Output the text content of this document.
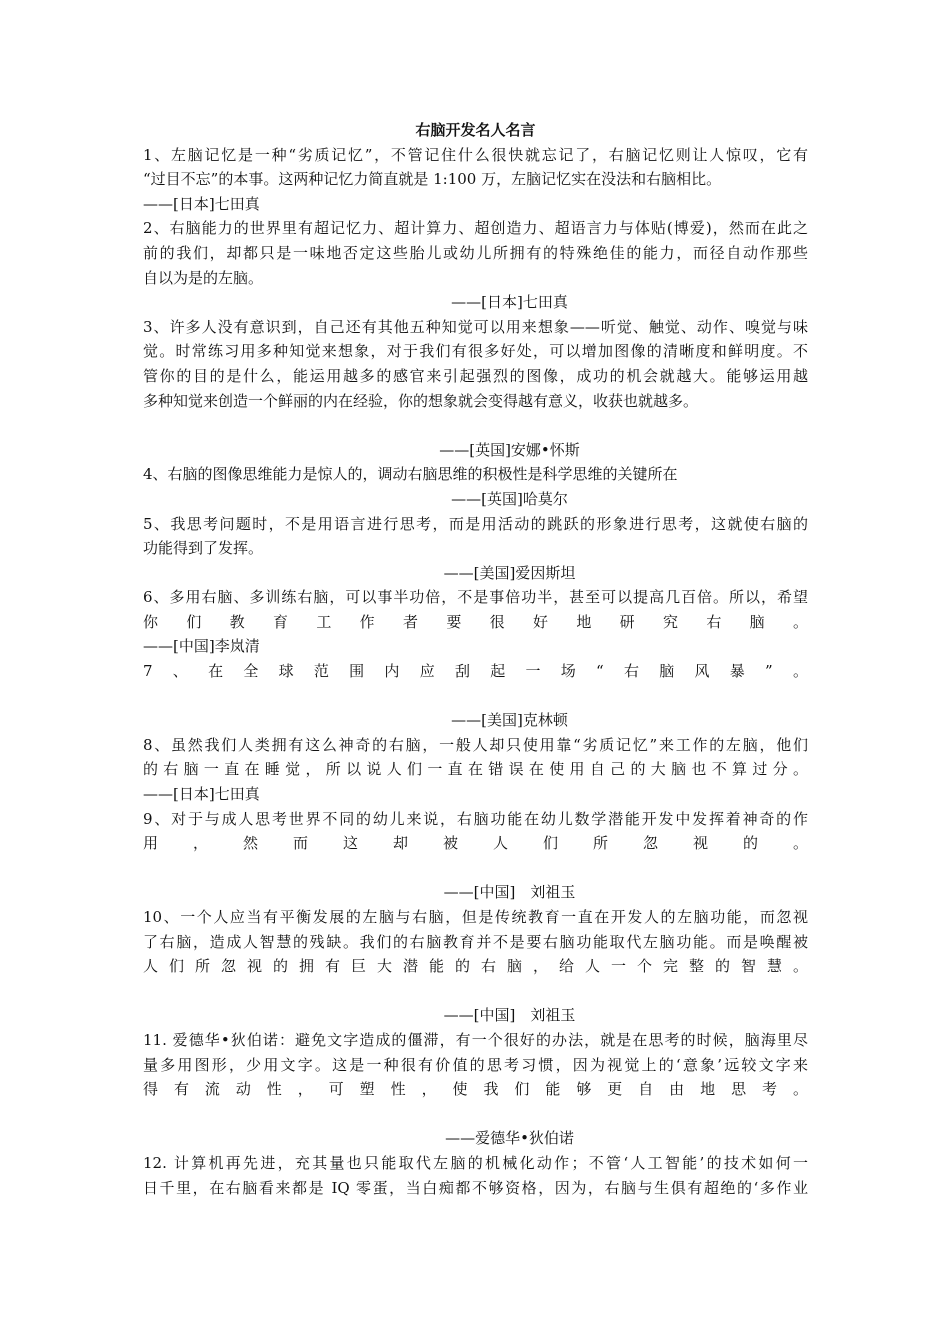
右脑开发名人名言
1、左脑记忆是一种“劣质记忆”，不管记住什么很快就忘记了，右脑记忆则让人惊叹，它有
“过目不忘”的本事。这两种记忆力简直就是 1:100 万，左脑记忆实在没法和右脑相比。
——[日本]七田真
2、右脑能力的世界里有超记忆力、超计算力、超创造力、超语言力与体贴(博爱)，然而在此之
前的我们，却都只是一味地否定这些胎儿或幼儿所拥有的特殊绝佳的能力，而径自动作那些
自以为是的左脑。
——[日本]七田真
3、许多人没有意识到，自己还有其他五种知觉可以用来想象——听觉、触觉、动作、嗅觉与味
觉。时常练习用多种知觉来想象，对于我们有很多好处，可以增加图像的清晰度和鲜明度。不
管你的目的是什么，能运用越多的感官来引起强烈的图像，成功的机会就越大。能够运用越
多种知觉来创造一个鲜丽的内在经验，你的想象就会变得越有意义，收获也就越多。
——[英国]安娜•怀斯
4、右脑的图像思维能力是惊人的，调动右脑思维的积极性是科学思维的关键所在
——[英国]哈莫尔
5、我思考问题时，不是用语言进行思考，而是用活动的跳跃的形象进行思考，这就使右脑的
功能得到了发挥。
——[美国]爱因斯坦
6、多用右脑、多训练右脑，可以事半功倍，不是事倍功半，甚至可以提高几百倍。所以，希望
你们教育工作者要很好地研究右脑。
——[中国]李岚清
7、在全球范围内应刮起一场“右脑风暴”。
——[美国]克林顿
8、虽然我们人类拥有这么神奇的右脑，一般人却只使用靠“劣质记忆”来工作的左脑，他们
的右脑一直在睡觉，所以说人们一直在错误在使用自己的大脑也不算过分。
——[日本]七田真
9、对于与成人思考世界不同的幼儿来说，右脑功能在幼儿数学潜能开发中发挥着神奇的作
用，然而这却被人们所忽视的。
——[中国]　刘祖玉
10、一个人应当有平衡发展的左脑与右脑，但是传统教育一直在开发人的左脑功能，而忽视
了右脑，造成人智慧的残缺。我们的右脑教育并不是要右脑功能取代左脑功能。而是唤醒被
人们所忽视的拥有巨大潜能的右脑，给人一个完整的智慧。
——[中国]　刘祖玉
11. 爱德华•狄伯诺：避免文字造成的僵滞，有一个很好的办法，就是在思考的时候，脑海里尽
量多用图形，少用文字。这是一种很有价值的思考习惯，因为视觉上的‘意象’远较文字来
得有流动性，可塑性，使我们能够更自由地思考。
——爱德华•狄伯诺
12. 计算机再先进，充其量也只能取代左脑的机械化动作；不管‘人工智能’的技术如何一
日千里，在右脑看来都是 IQ 零蛋，当白痴都不够资格，因为，右脑与生俱有超绝的‘多作业
